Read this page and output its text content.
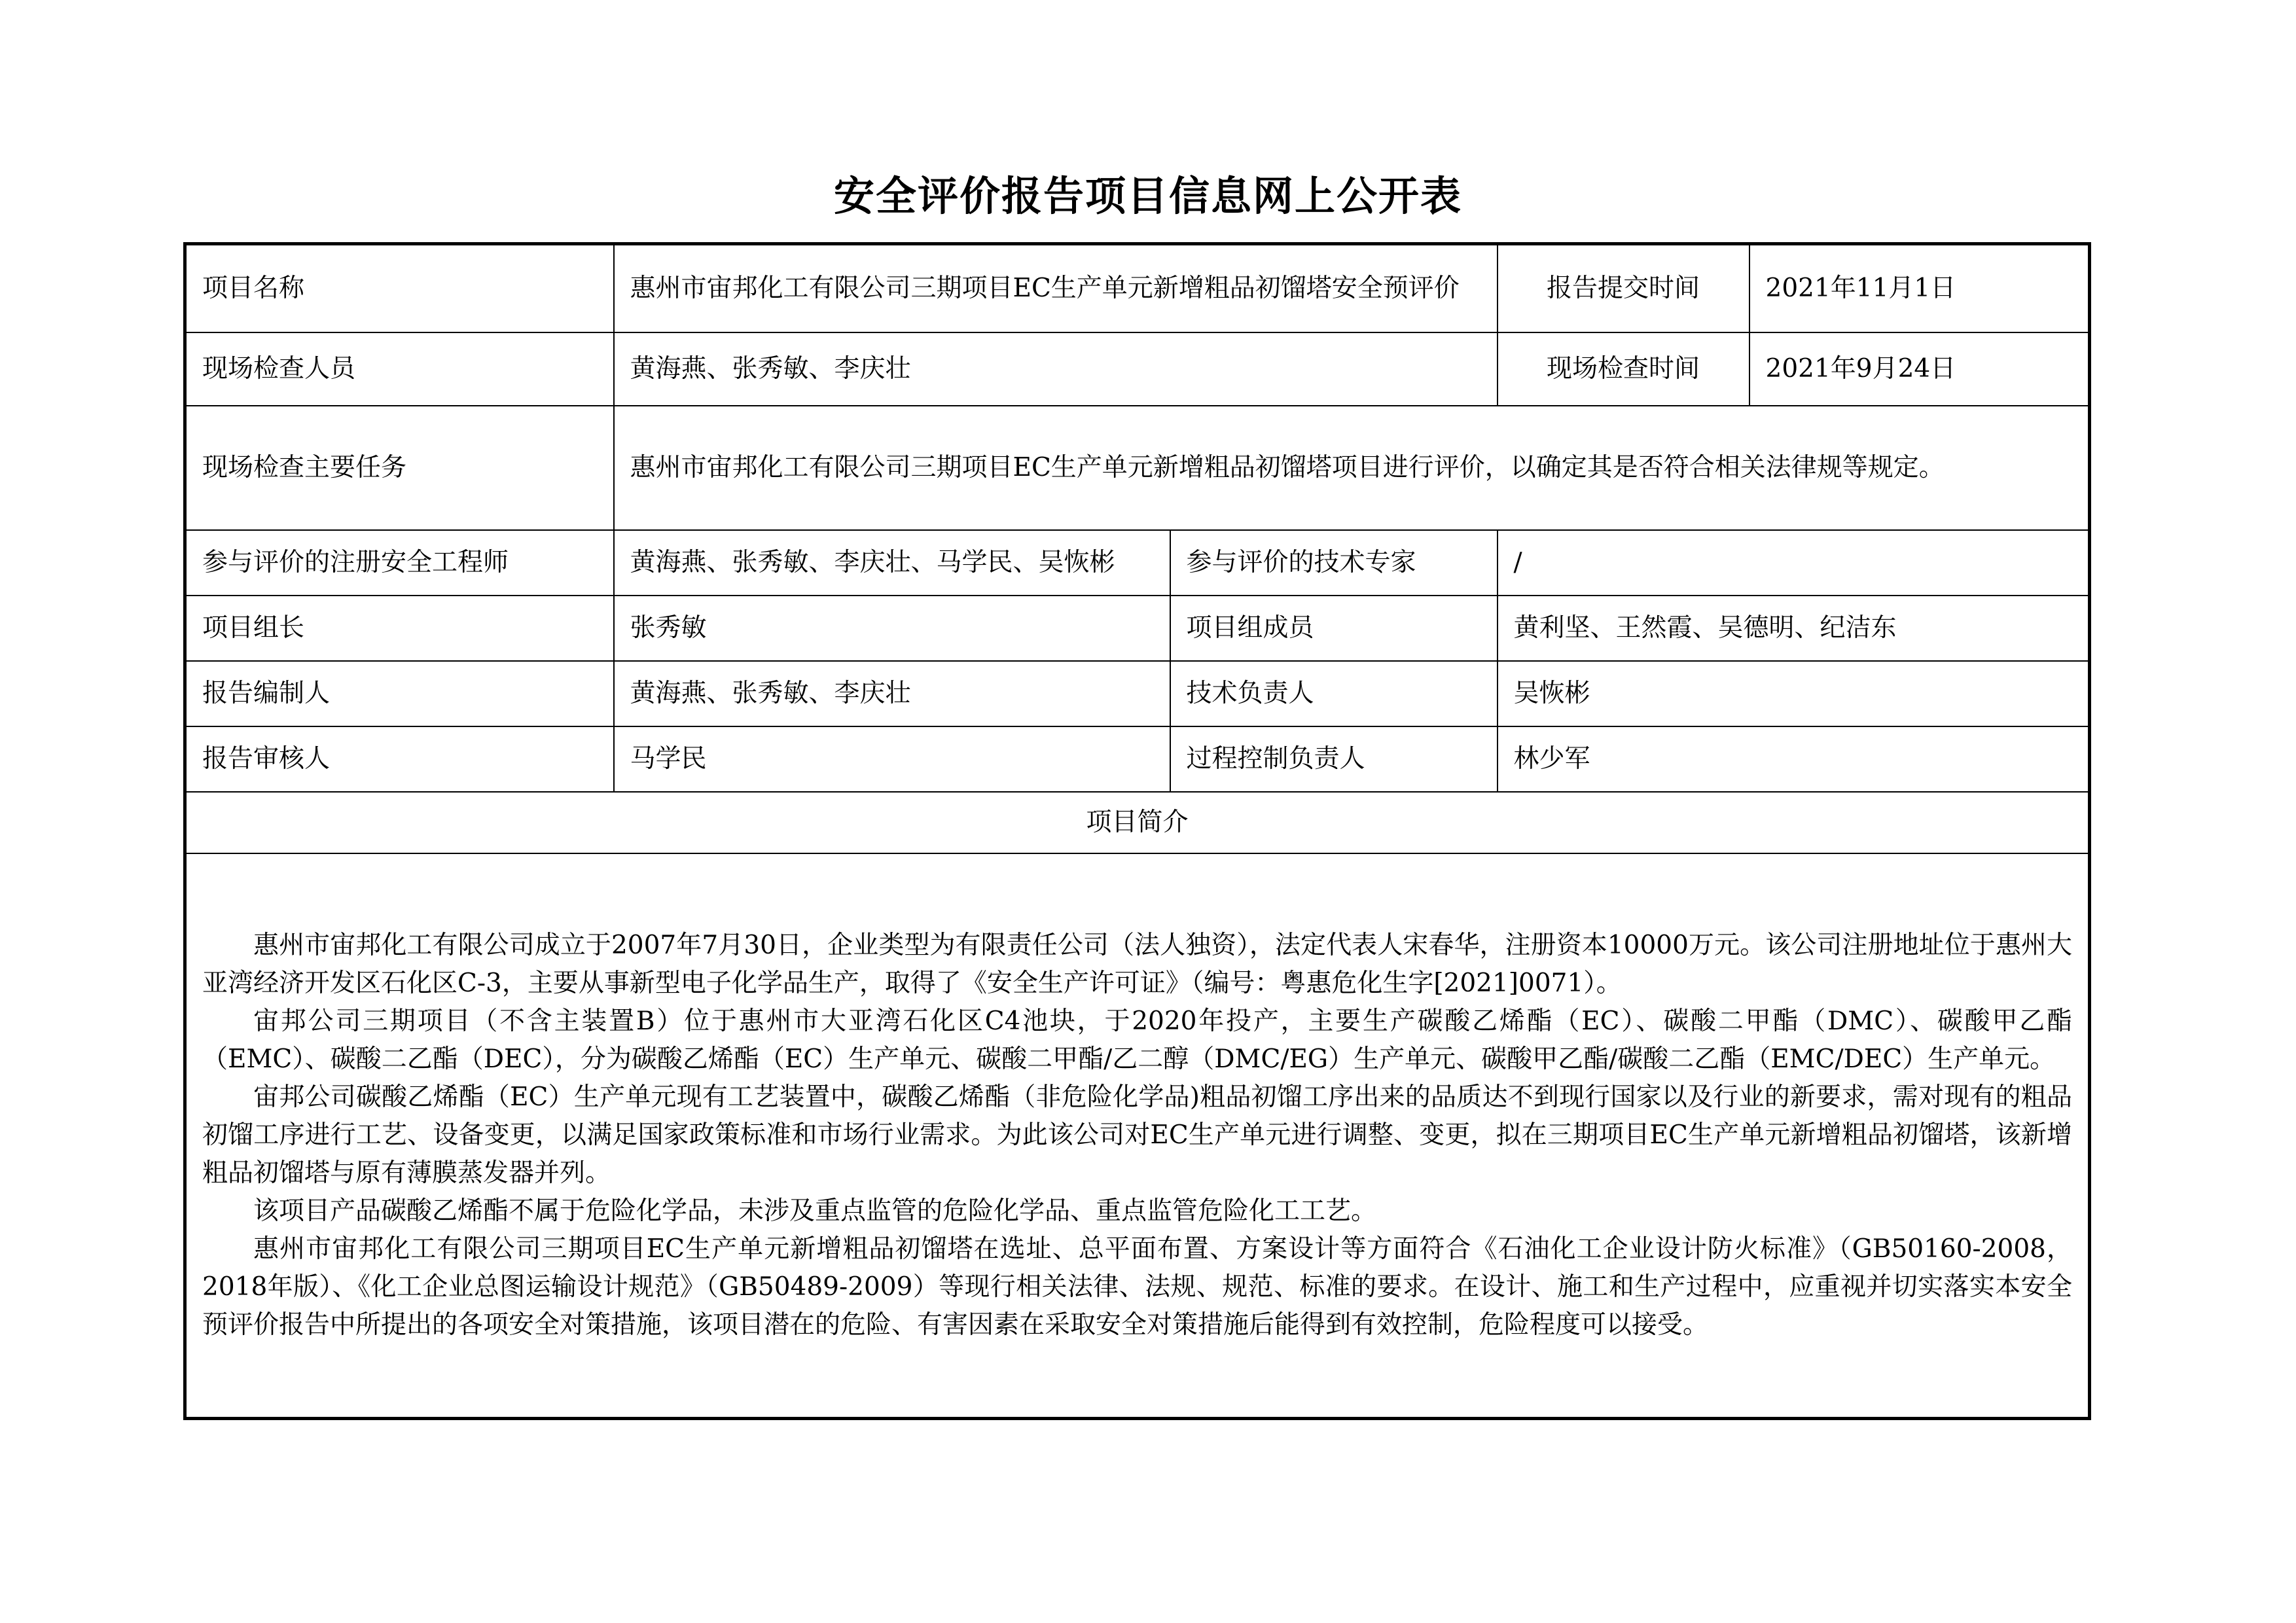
安全评价报告项目信息网上公开表
项目名称	惠州市宙邦化工有限公司三期项目EC生产单元新增粗品初馏塔安全预评价		报告提交时间	2021年11月1日
现场检查人员	黄海燕、张秀敏、李庆壮		现场检查时间	2021年9月24日
现场检查主要任务	惠州市宙邦化工有限公司三期项目EC生产单元新增粗品初馏塔项目进行评价，以确定其是否符合相关法律规等规定。			
参与评价的注册安全工程师	黄海燕、张秀敏、李庆壮、马学民、吴恢彬	参与评价的技术专家	/	
项目组长	张秀敏	项目组成员	黄利坚、王然霞、吴德明、纪洁东	
报告编制人	黄海燕、张秀敏、李庆壮	技术负责人	吴恢彬	
报告审核人	马学民	过程控制负责人	林少军	
项目简介				

惠州市宙邦化工有限公司成立于2007年7月30日，企业类型为有限责任公司（法人独资），法定代表人宋春华，注册资本10000万元。该公司注册地址位于惠州大亚湾经济开发区石化区C-3，主要从事新型电子化学品生产，取得了《安全生产许可证》（编号：粤惠危化生字[2021]0071）。

宙邦公司三期项目（不含主装置B）位于惠州市大亚湾石化区C4池块，于2020年投产，主要生产碳酸乙烯酯（EC）、碳酸二甲酯（DMC）、碳酸甲乙酯（EMC）、碳酸二乙酯（DEC），分为碳酸乙烯酯（EC）生产单元、碳酸二甲酯/乙二醇（DMC/EG）生产单元、碳酸甲乙酯/碳酸二乙酯（EMC/DEC）生产单元。

宙邦公司碳酸乙烯酯（EC）生产单元现有工艺装置中，碳酸乙烯酯（非危险化学品)粗品初馏工序出来的品质达不到现行国家以及行业的新要求，需对现有的粗品初馏工序进行工艺、设备变更，以满足国家政策标准和市场行业需求。为此该公司对EC生产单元进行调整、变更，拟在三期项目EC生产单元新增粗品初馏塔，该新增粗品初馏塔与原有薄膜蒸发器并列。

该项目产品碳酸乙烯酯不属于危险化学品，未涉及重点监管的危险化学品、重点监管危险化工工艺。

惠州市宙邦化工有限公司三期项目EC生产单元新增粗品初馏塔在选址、总平面布置、方案设计等方面符合《石油化工企业设计防火标准》（GB50160-2008，2018年版）、《化工企业总图运输设计规范》（GB50489-2009）等现行相关法律、法规、规范、标准的要求。在设计、施工和生产过程中，应重视并切实落实本安全预评价报告中所提出的各项安全对策措施，该项目潜在的危险、有害因素在采取安全对策措施后能得到有效控制，危险程度可以接受。				
